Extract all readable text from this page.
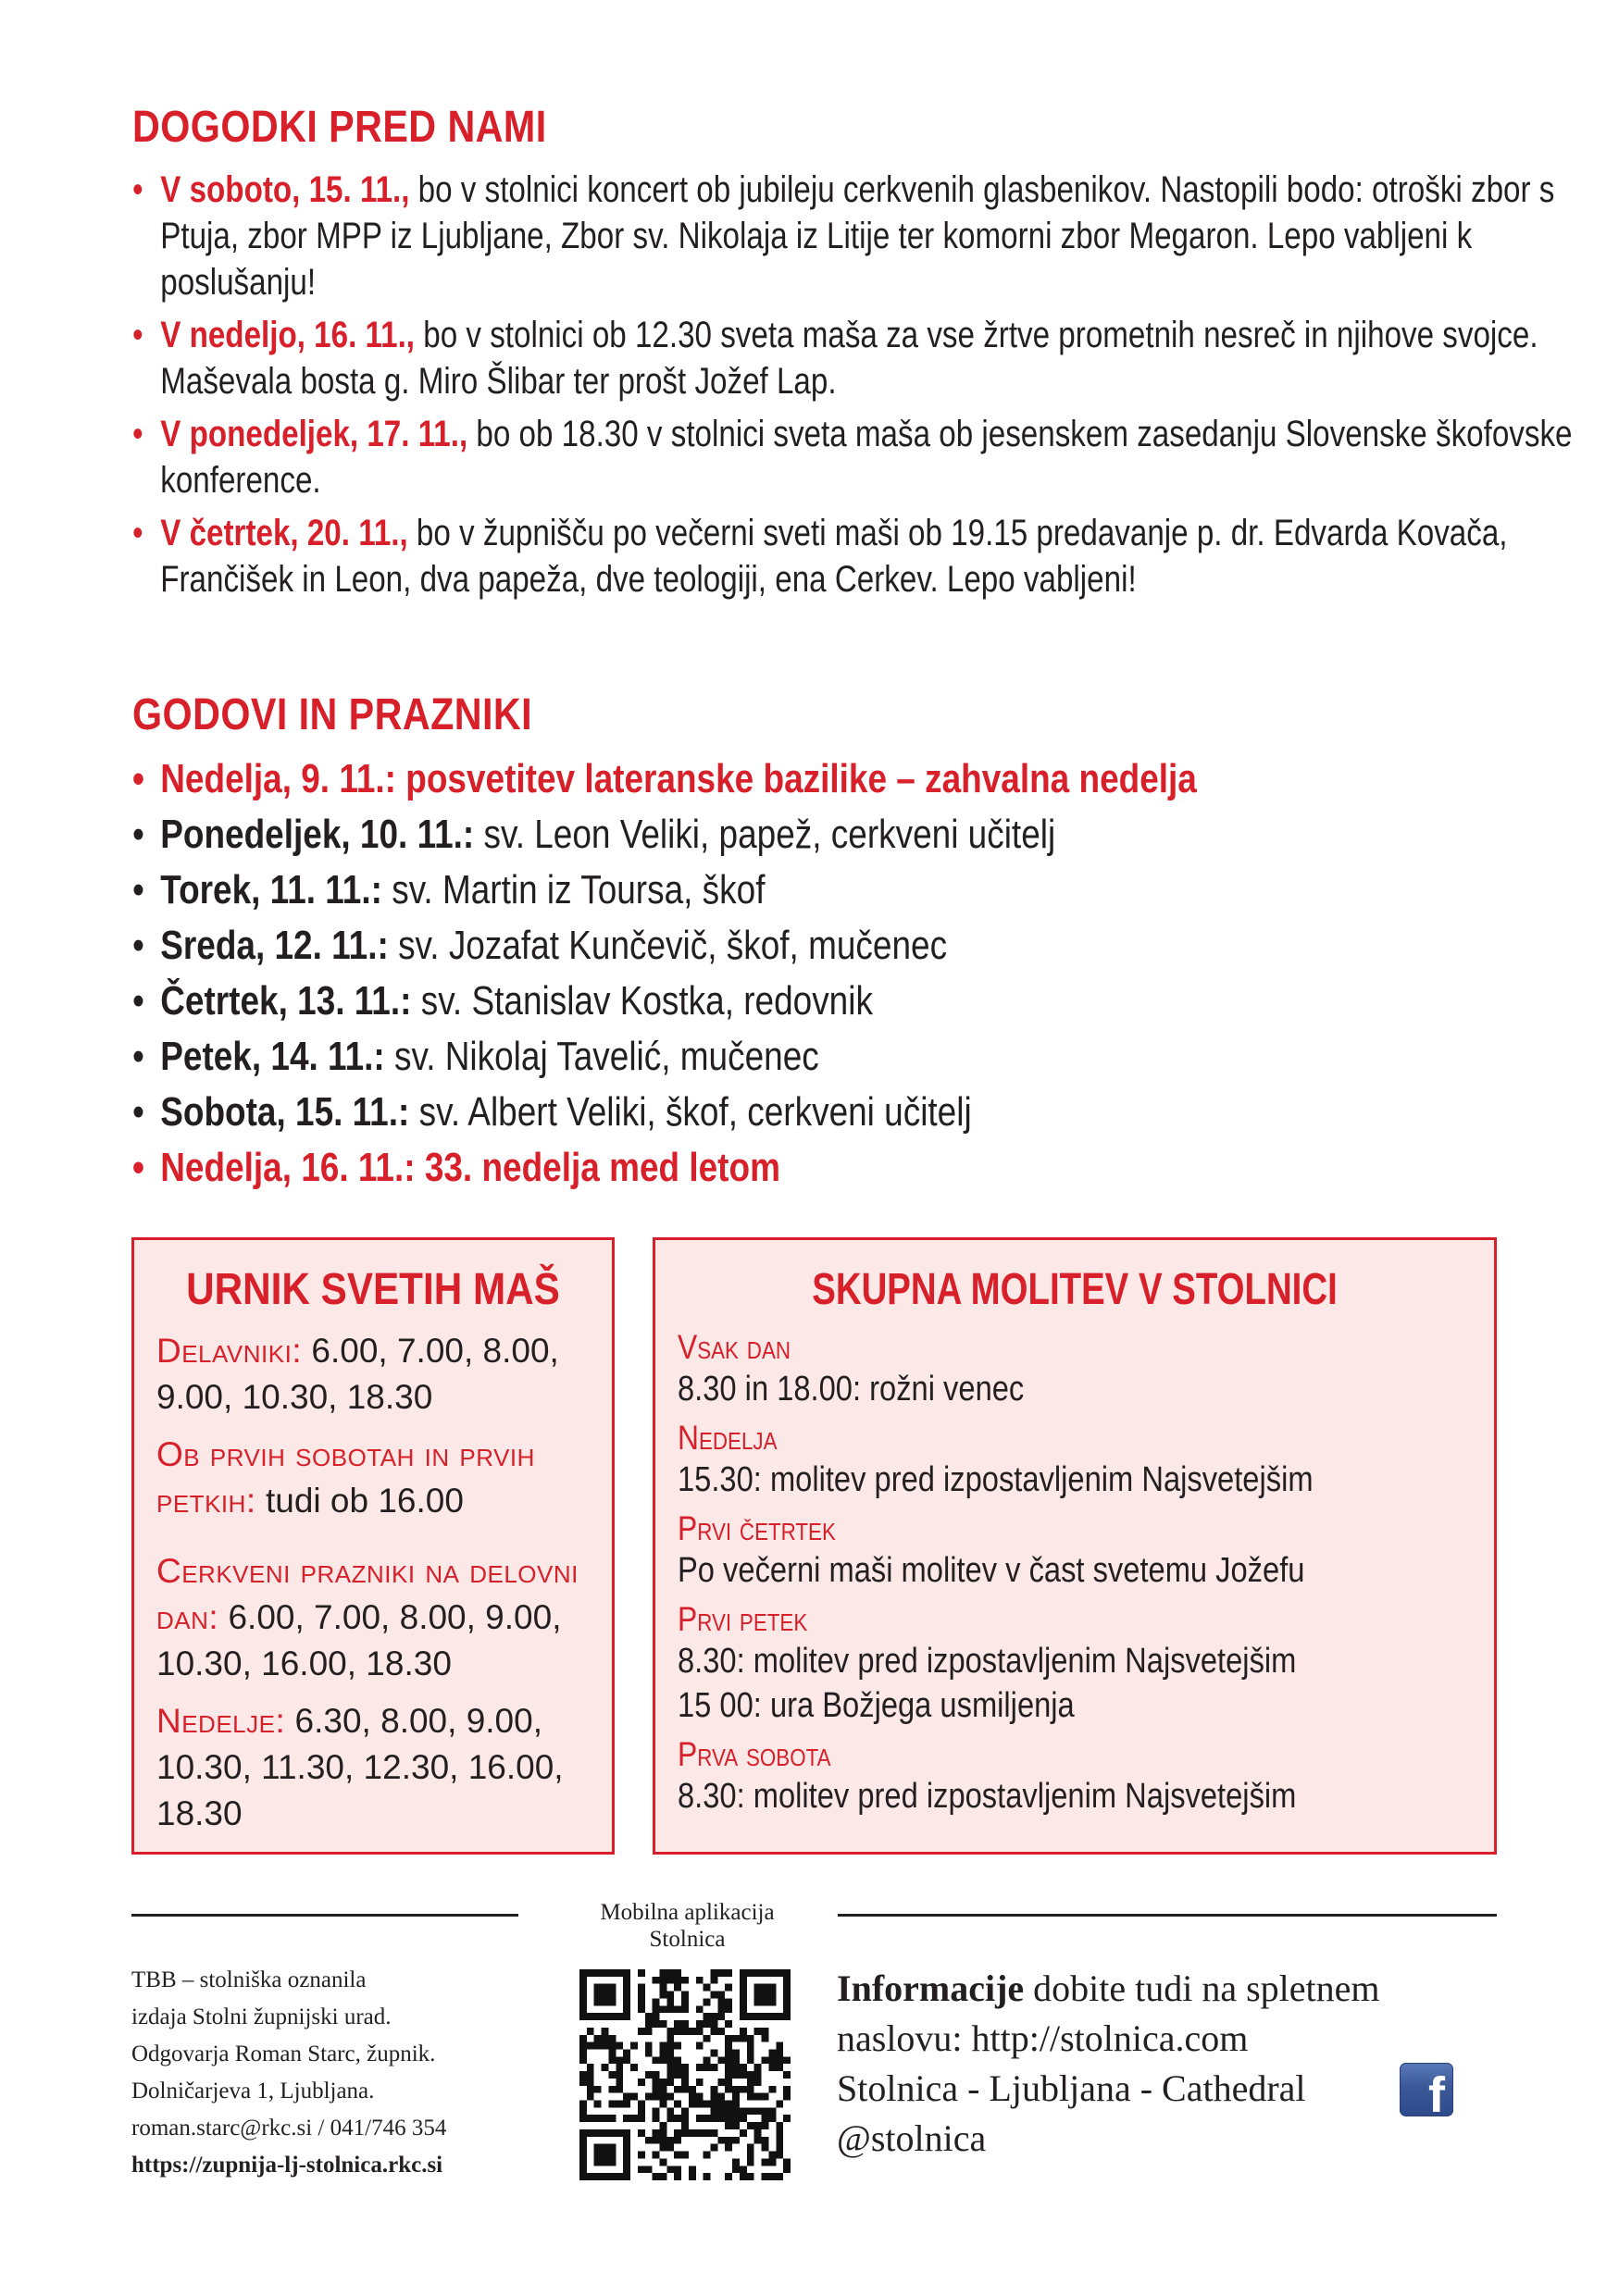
DOGODKI PRED NAMI
• V soboto, 15. 11., bo v stolnici koncert ob jubileju cerkvenih glasbenikov. Nastopili bodo: otroški zbor s Ptuja, zbor MPP iz Ljubljane, Zbor sv. Nikolaja iz Litije ter komorni zbor Megaron. Lepo vabljeni k poslušanju!
• V nedeljo, 16. 11., bo v stolnici ob 12.30 sveta maša za vse žrtve prometnih nesreč in njihove svojce. Maševala bosta g. Miro Šlibar ter prošt Jožef Lap.
• V ponedeljek, 17. 11., bo ob 18.30 v stolnici sveta maša ob jesenskem zasedanju Slovenske škofovske konference.
• V četrtek, 20. 11., bo v župnišču po večerni sveti maši ob 19.15 predavanje p. dr. Edvarda Kovača, Frančišek in Leon, dva papeža, dve teologiji, ena Cerkev. Lepo vabljeni!
GODOVI IN PRAZNIKI
• Nedelja, 9. 11.: posvetitev lateranske bazilike – zahvalna nedelja
• Ponedeljek, 10. 11.: sv. Leon Veliki, papež, cerkveni učitelj
• Torek, 11. 11.: sv. Martin iz Toursa, škof
• Sreda, 12. 11.: sv. Jozafat Kunčevič, škof, mučenec
• Četrtek, 13. 11.: sv. Stanislav Kostka, redovnik
• Petek, 14. 11.: sv. Nikolaj Tavelić, mučenec
• Sobota, 15. 11.: sv. Albert Veliki, škof, cerkveni učitelj
• Nedelja, 16. 11.: 33. nedelja med letom
URNIK SVETIH MAŠ
Delavniki: 6.00, 7.00, 8.00, 9.00, 10.30, 18.30
Ob prvih sobotah in prvih petkih: tudi ob 16.00
Cerkveni prazniki na delovni dan: 6.00, 7.00, 8.00, 9.00, 10.30, 16.00, 18.30
Nedelje: 6.30, 8.00, 9.00, 10.30, 11.30, 12.30, 16.00, 18.30
SKUPNA MOLITEV V STOLNICI
Vsak dan
8.30 in 18.00: rožni venec
Nedelja
15.30: molitev pred izpostavljenim Najsvetejšim
Prvi četrtek
Po večerni maši molitev v čast svetemu Jožefu
Prvi petek
8.30: molitev pred izpostavljenim Najsvetejšim
15 00: ura Božjega usmiljenja
Prva sobota
8.30: molitev pred izpostavljenim Najsvetejšim
TBB – stolniška oznanila
izdaja Stolni župnijski urad.
Odgovarja Roman Starc, župnik.
Dolničarjeva 1, Ljubljana.
roman.starc@rkc.si / 041/746 354
https://zupnija-lj-stolnica.rkc.si
Mobilna aplikacija
Stolnica
Informacije dobite tudi na spletnem
naslovu: http://stolnica.com
Stolnica - Ljubljana - Cathedral
@stolnica
f
